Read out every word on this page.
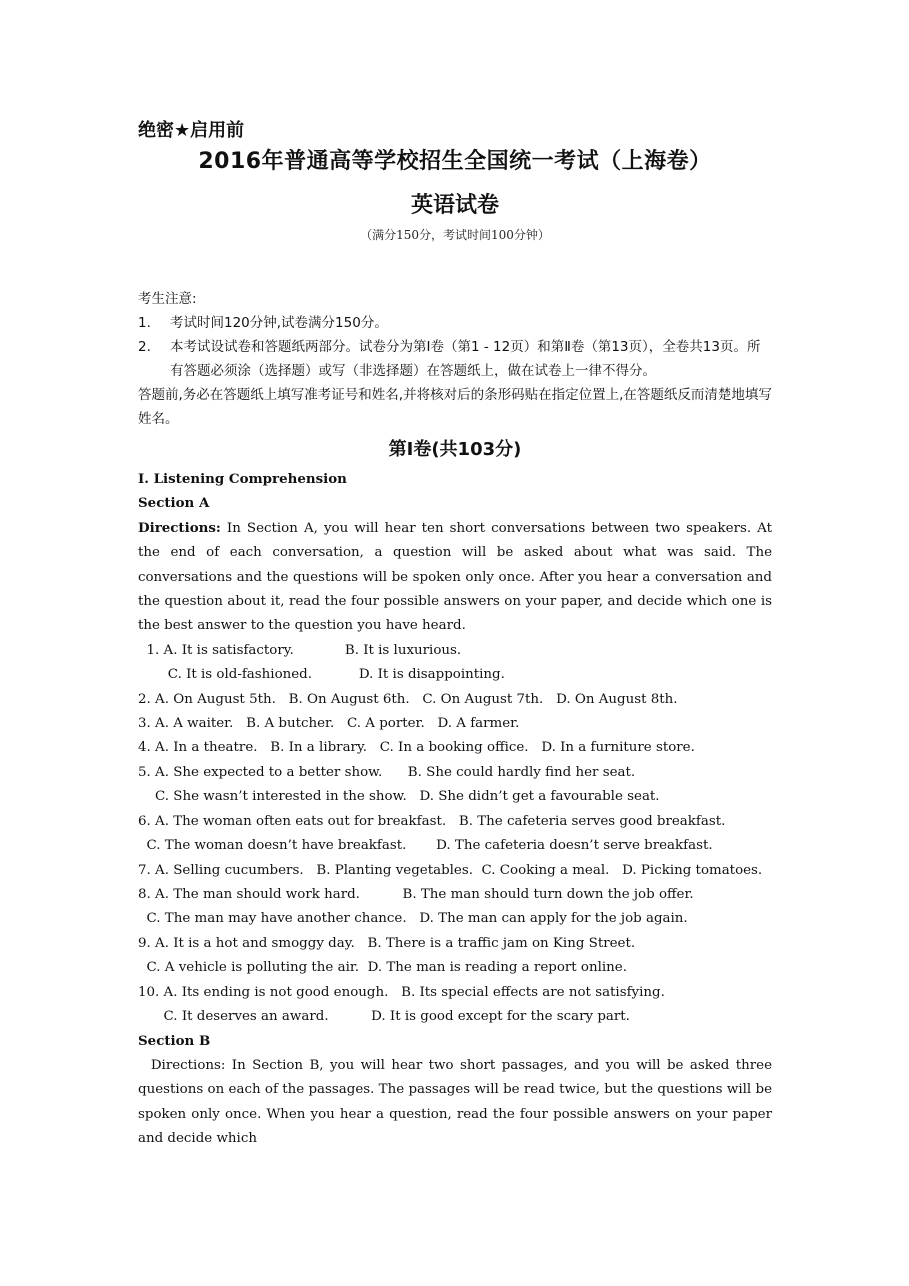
绝密★启用前
2016年普通高等学校招生全国统一考试（上海卷）
英语试卷
（满分150分，考试时间100分钟）
考生注意:
1.	考试时间120分钟,试卷满分150分。
2.	本考试设试卷和答题纸两部分。试卷分为第Ⅰ卷（第1 - 12页）和第Ⅱ卷（第13页），全卷共13页。所有答题必须涂（选择题）或写（非选择题）在答题纸上，做在试卷上一律不得分。
答题前,务必在答题纸上填写准考证号和姓名,并将核对后的条形码贴在指定位置上,在答题纸反而清楚地填写姓名。
第Ⅰ卷(共103分)
I. Listening Comprehension
Section A
Directions: In Section A, you will hear ten short conversations between two speakers. At the end of each conversation, a question will be asked about what was said. The conversations and the questions will be spoken only once. After you hear a conversation and the question about it, read the four possible answers on your paper, and decide which one is the best answer to the question you have heard.
1. A. It is satisfactory.            B. It is luxurious.
C. It is old-fashioned.           D. It is disappointing.
2. A. On August 5th.   B. On August 6th.   C. On August 7th.   D. On August 8th.
3. A. A waiter.   B. A butcher.   C. A porter.   D. A farmer.
4. A. In a theatre.   B. In a library.   C. In a booking office.   D. In a furniture store.
5. A. She expected to a better show.      B. She could hardly find her seat.
C. She wasn’t interested in the show.   D. She didn’t get a favourable seat.
6. A. The woman often eats out for breakfast.   B. The cafeteria serves good breakfast.
C. The woman doesn’t have breakfast.       D. The cafeteria doesn’t serve breakfast.
7. A. Selling cucumbers.   B. Planting vegetables.  C. Cooking a meal.   D. Picking tomatoes.
8. A. The man should work hard.          B. The man should turn down the job offer.
C. The man may have another chance.   D. The man can apply for the job again.
9. A. It is a hot and smoggy day.   B. There is a traffic jam on King Street.
C. A vehicle is polluting the air.  D. The man is reading a report online.
10. A. Its ending is not good enough.   B. Its special effects are not satisfying.
C. It deserves an award.          D. It is good except for the scary part.
Section B
Directions: In Section B, you will hear two short passages, and you will be asked three questions on each of the passages. The passages will be read twice, but the questions will be spoken only once. When you hear a question, read the four possible answers on your paper and decide which
